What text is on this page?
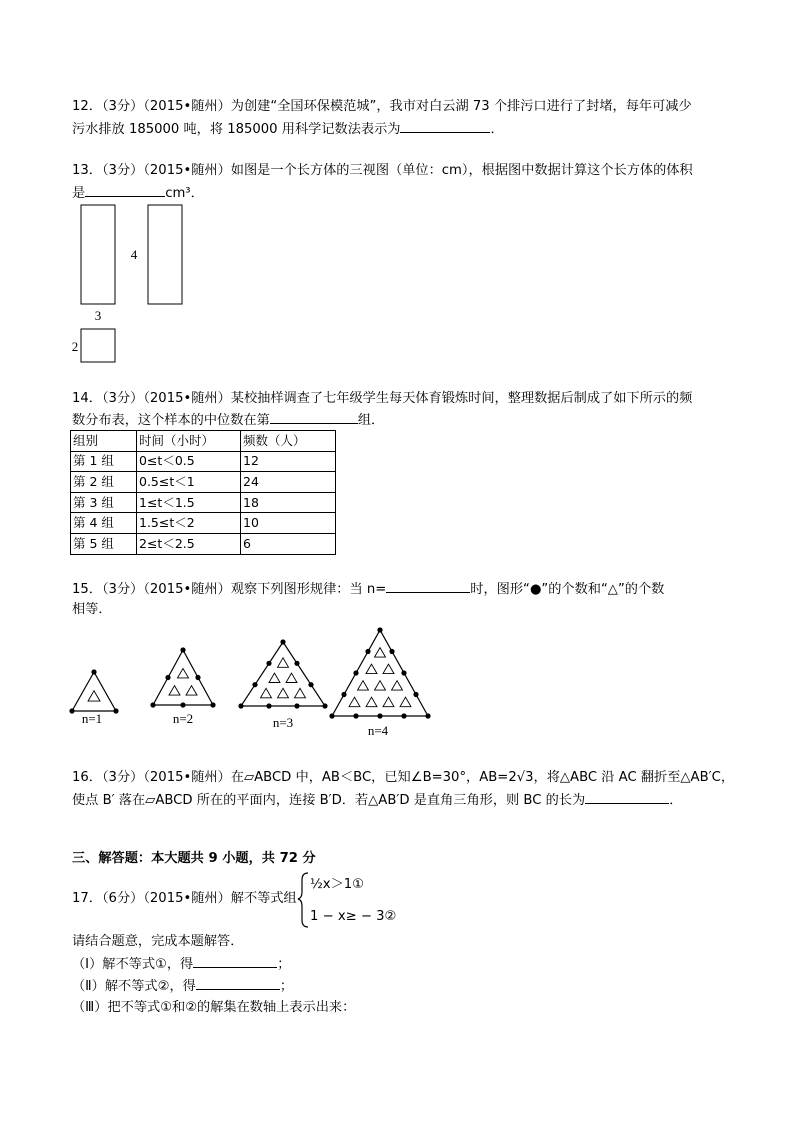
12．（3分）（2015•随州）为创建“全国环保模范城”，我市对白云湖 73 个排污口进行了封堵，每年可减少
污水排放 185000 吨，将 185000 用科学记数法表示为	．
13．（3分）（2015•随州）如图是一个长方体的三视图（单位：cm），根据图中数据计算这个长方体的体积
是	cm³．
4
3
2
14．（3分）（2015•随州）某校抽样调查了七年级学生每天体育锻炼时间，整理数据后制成了如下所示的频
数分布表，这个样本的中位数在第	组．
组别	时间（小时）	频数（人）
第 1 组	0≤t＜0.5	12
第 2 组	0.5≤t＜1	24
第 3 组	1≤t＜1.5	18
第 4 组	1.5≤t＜2	10
第 5 组	2≤t＜2.5	6
15．（3分）（2015•随州）观察下列图形规律：当 n=	时，图形“●”的个数和“△”的个数
相等．
n=1	n=2	n=3
n=4
16．（3分）（2015•随州）在▱ABCD 中，AB＜BC，已知∠B=30°，AB=2√3，将△ABC 沿 AC 翻折至△AB′C，
使点 B′ 落在▱ABCD 所在的平面内，连接 B′D．若△AB′D 是直角三角形，则 BC 的长为	．
三、解答题：本大题共 9 小题，共 72 分
17．（6分）（2015•随州）解不等式组
½x＞1①
1 − x≥ − 3②
请结合题意，完成本题解答．
（Ⅰ）解不等式①，得	；
（Ⅱ）解不等式②，得	；
（Ⅲ）把不等式①和②的解集在数轴上表示出来：
